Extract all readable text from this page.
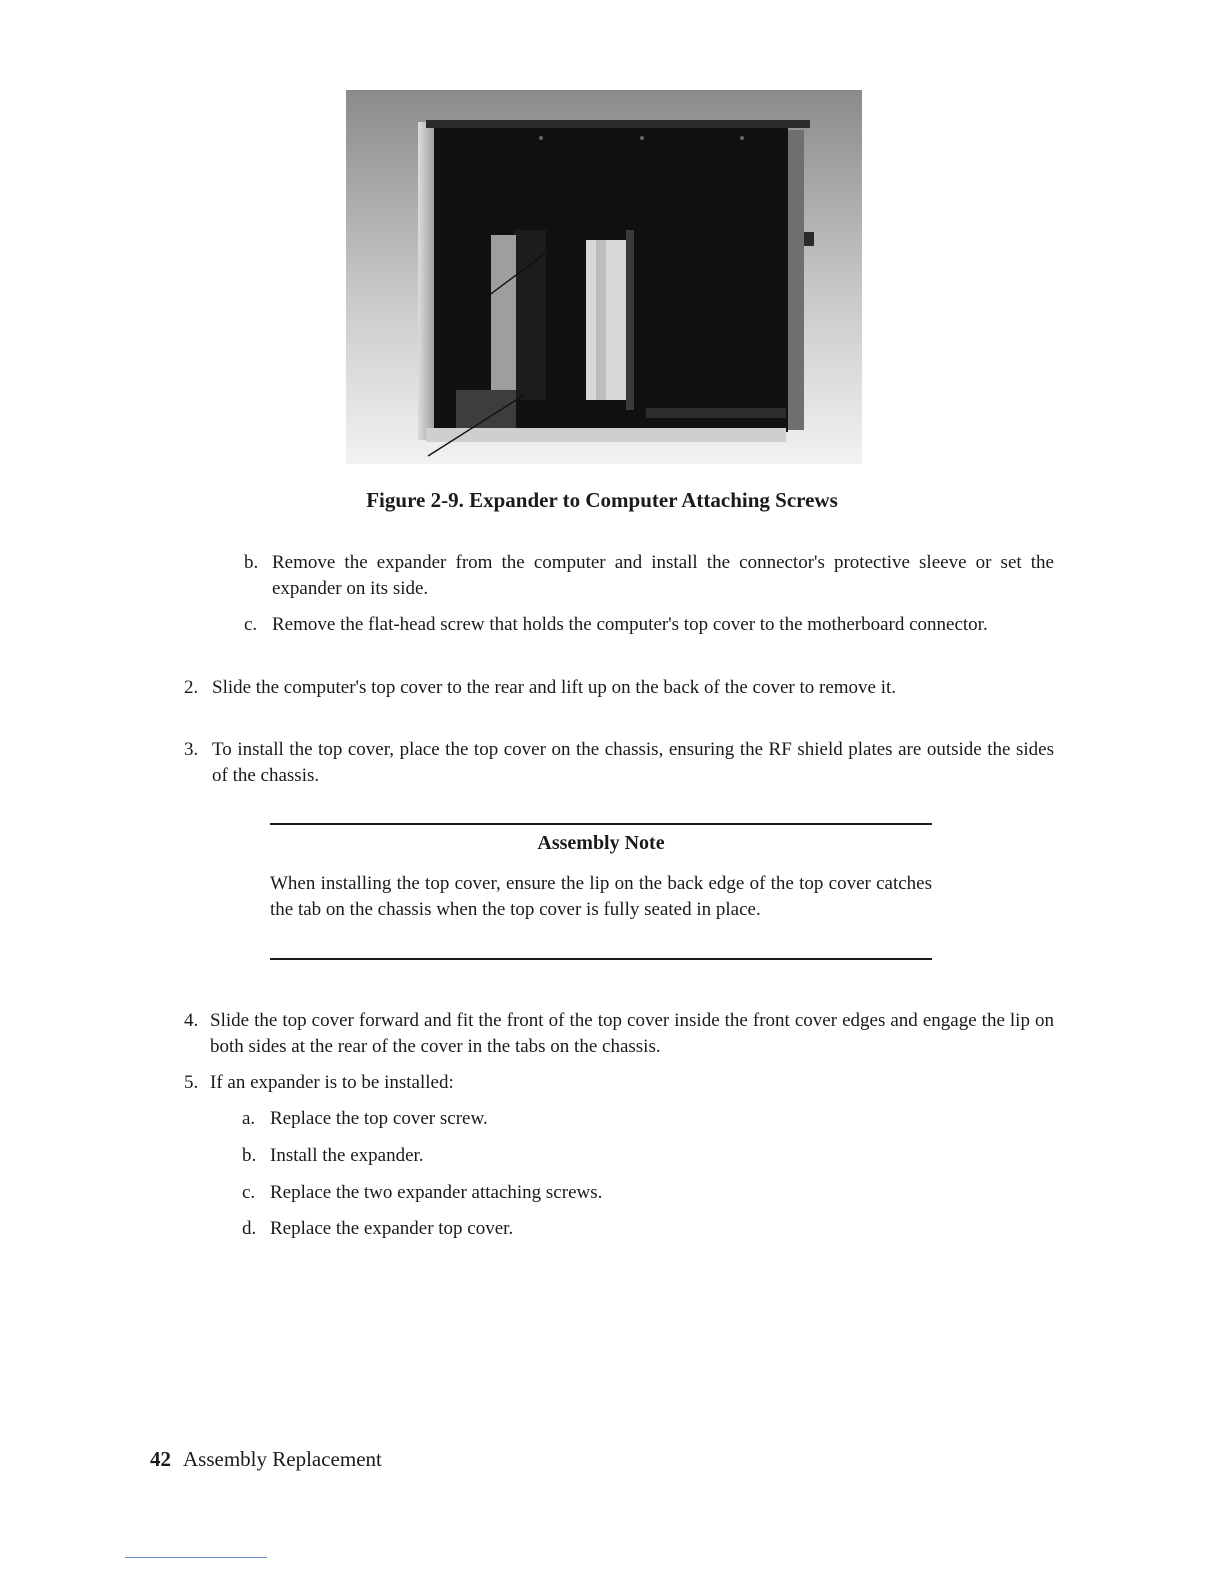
Figure 2-9. Expander to Computer Attaching Screws
b. Remove the expander from the computer and install the connector's protective sleeve or set the expander on its side.
c. Remove the flat-head screw that holds the computer's top cover to the motherboard connector.
2. Slide the computer's top cover to the rear and lift up on the back of the cover to remove it.
3. To install the top cover, place the top cover on the chassis, ensuring the RF shield plates are outside the sides of the chassis.
Assembly Note
When installing the top cover, ensure the lip on the back edge of the top cover catches the tab on the chassis when the top cover is fully seated in place.
4. Slide the top cover forward and fit the front of the top cover inside the front cover edges and engage the lip on both sides at the rear of the cover in the tabs on the chassis.
5. If an expander is to be installed:
a. Replace the top cover screw.
b. Install the expander.
c. Replace the two expander attaching screws.
d. Replace the expander top cover.
42 Assembly Replacement
